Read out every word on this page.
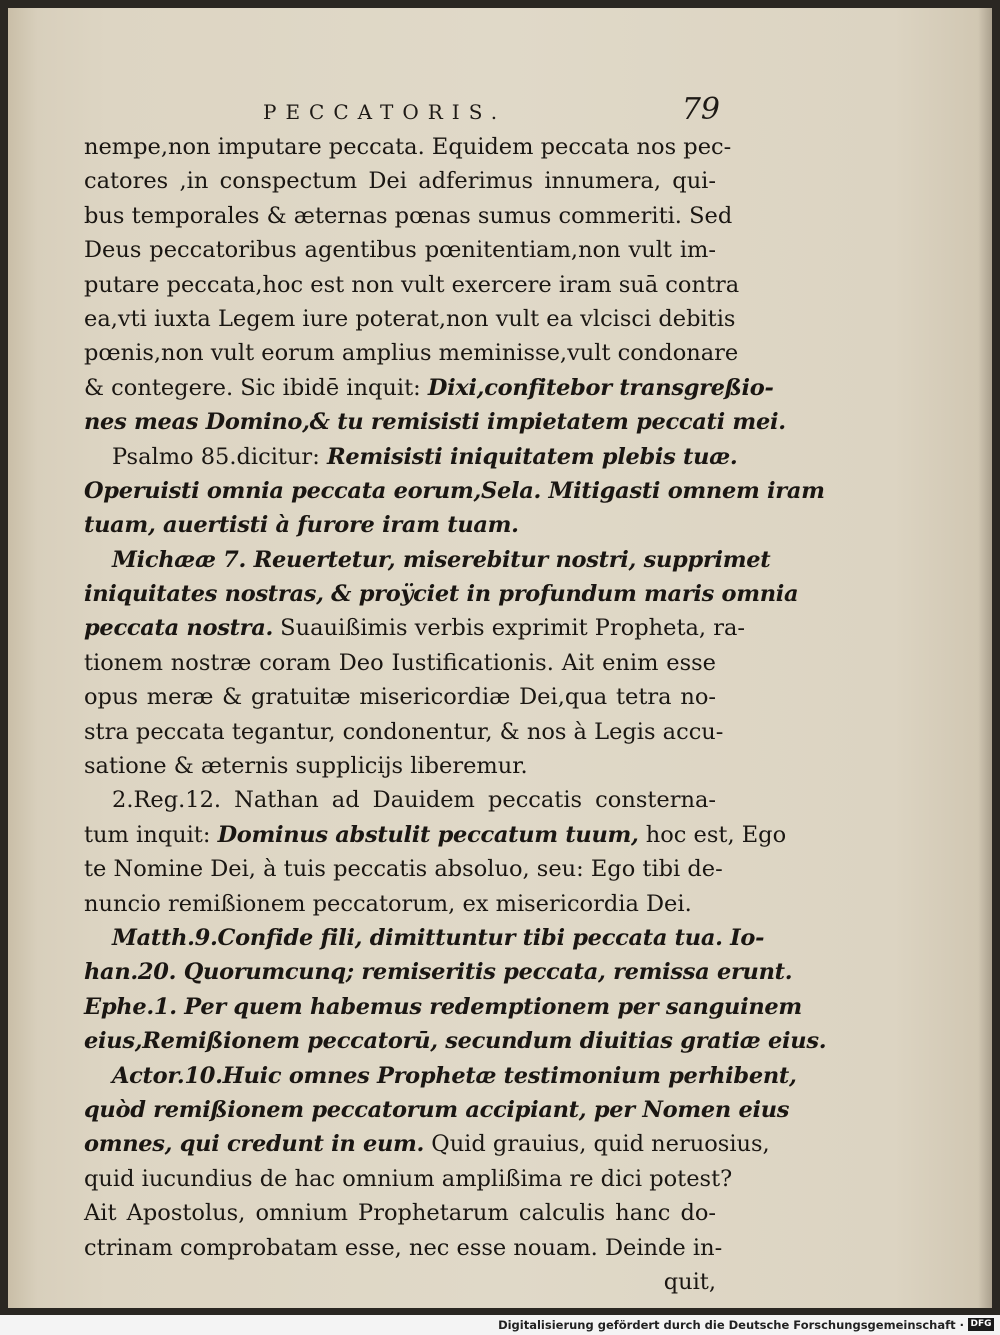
PECCATORIS.	79
nempe,non imputare peccata. Equidem peccata nos pec-
catores ,in conspectum Dei adferimus innumera, qui-
bus temporales & æternas pœnas sumus commeriti. Sed
Deus peccatoribus agentibus pœnitentiam,non vult im-
putare peccata,hoc est non vult exercere iram suā contra
ea,vti iuxta Legem iure poterat,non vult ea vlcisci debitis
pœnis,non vult eorum amplius meminisse,vult condonare
& contegere. Sic ibidē inquit: Dixi,confitebor transgreßio-
nes meas Domino,& tu remisisti impietatem peccati mei.
Psalmo 85.dicitur: Remisisti iniquitatem plebis tuæ.
Operuisti omnia peccata eorum,Sela. Mitigasti omnem iram
tuam, auertisti à furore iram tuam.
Michææ 7. Reuertetur, miserebitur nostri, supprimet
iniquitates nostras, & proÿciet in profundum maris omnia
peccata nostra. Suauißimis verbis exprimit Propheta, ra-
tionem nostræ coram Deo Iustificationis. Ait enim esse
opus meræ & gratuitæ misericordiæ Dei,qua tetra no-
stra peccata tegantur, condonentur, & nos à Legis accu-
satione & æternis supplicijs liberemur.
2.Reg.12. Nathan ad Dauidem peccatis consterna-
tum inquit: Dominus abstulit peccatum tuum, hoc est, Ego
te Nomine Dei, à tuis peccatis absoluo, seu: Ego tibi de-
nuncio remißionem peccatorum, ex misericordia Dei.
Matth.9.Confide fili, dimittuntur tibi peccata tua. Io-
han.20. Quorumcunq; remiseritis peccata, remissa erunt.
Ephe.1. Per quem habemus redemptionem per sanguinem
eius,Remißionem peccatorū, secundum diuitias gratiæ eius.
Actor.10.Huic omnes Prophetæ testimonium perhibent,
quòd remißionem peccatorum accipiant, per Nomen eius
omnes, qui credunt in eum. Quid grauius, quid neruosius,
quid iucundius de hac omnium amplißima re dici potest?
Ait Apostolus, omnium Prophetarum calculis hanc do-
ctrinam comprobatam esse, nec esse nouam. Deinde in-
quit,
Digitalisierung gefördert durch die Deutsche Forschungsgemeinschaft · DFG
